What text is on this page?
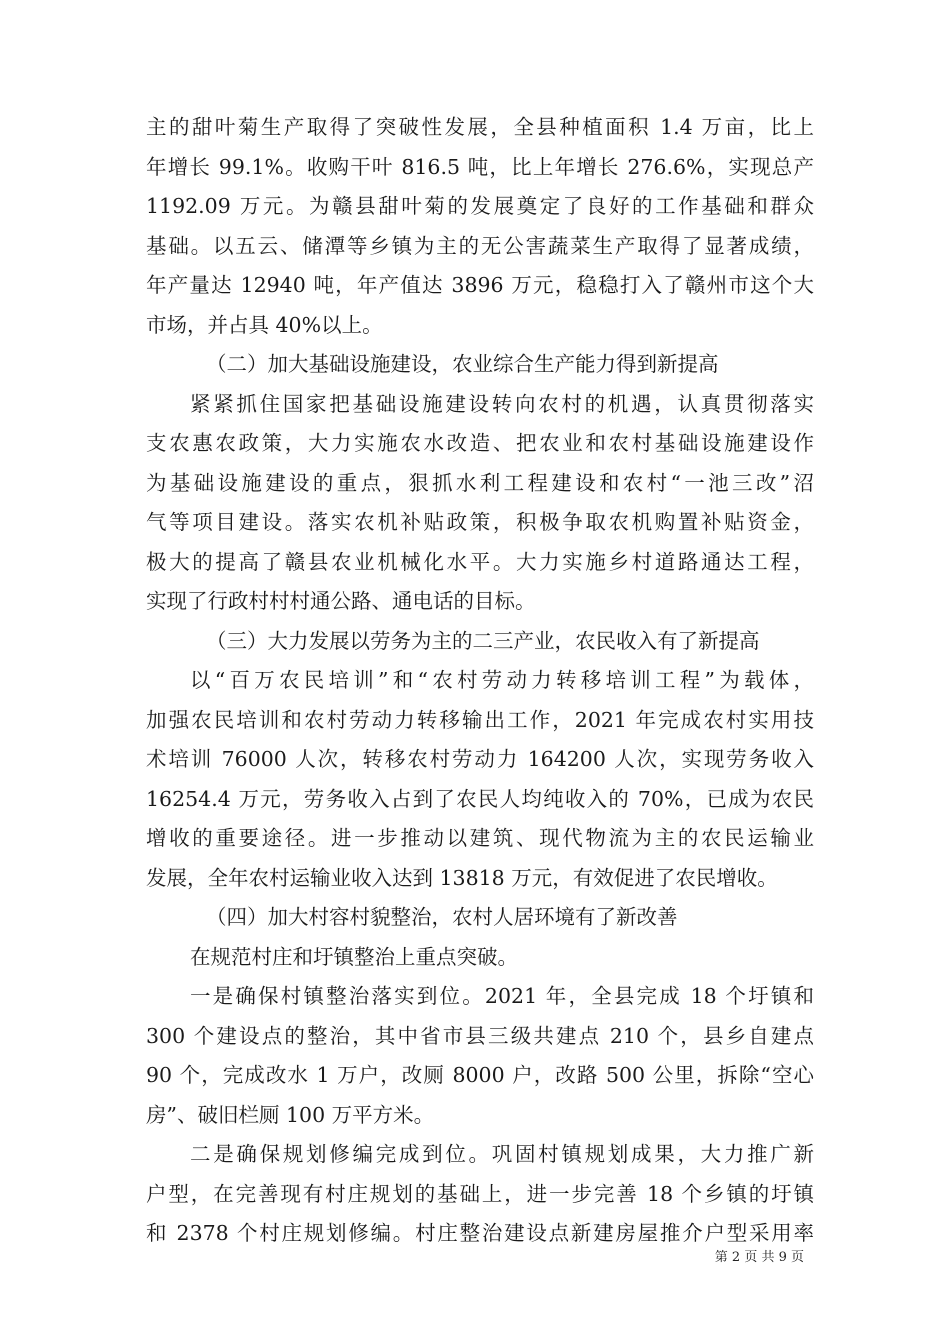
主的甜叶菊生产取得了突破性发展，全县种植面积 1.4 万亩，比上
年增长 99.1%。收购干叶 816.5 吨，比上年增长 276.6%，实现总产
1192.09 万元。为赣县甜叶菊的发展奠定了良好的工作基础和群众
基础。以五云、储潭等乡镇为主的无公害蔬菜生产取得了显著成绩，
年产量达 12940 吨，年产值达 3896 万元，稳稳打入了赣州市这个大
市场，并占具 40%以上。
（二）加大基础设施建设，农业综合生产能力得到新提高
紧紧抓住国家把基础设施建设转向农村的机遇，认真贯彻落实
支农惠农政策，大力实施农水改造、把农业和农村基础设施建设作
为基础设施建设的重点，狠抓水利工程建设和农村“一池三改”沼
气等项目建设。落实农机补贴政策，积极争取农机购置补贴资金，
极大的提高了赣县农业机械化水平。大力实施乡村道路通达工程，
实现了行政村村村通公路、通电话的目标。
（三）大力发展以劳务为主的二三产业，农民收入有了新提高
以“百万农民培训”和“农村劳动力转移培训工程”为载体，
加强农民培训和农村劳动力转移输出工作，2021 年完成农村实用技
术培训 76000 人次，转移农村劳动力 164200 人次，实现劳务收入
16254.4 万元，劳务收入占到了农民人均纯收入的 70%，已成为农民
增收的重要途径。进一步推动以建筑、现代物流为主的农民运输业
发展，全年农村运输业收入达到 13818 万元，有效促进了农民增收。
（四）加大村容村貌整治，农村人居环境有了新改善
在规范村庄和圩镇整治上重点突破。
一是确保村镇整治落实到位。2021 年，全县完成 18 个圩镇和
300 个建设点的整治，其中省市县三级共建点 210 个，县乡自建点
90 个，完成改水 1 万户，改厕 8000 户，改路 500 公里，拆除“空心
房”、破旧栏厕 100 万平方米。
二是确保规划修编完成到位。巩固村镇规划成果，大力推广新
户型，在完善现有村庄规划的基础上，进一步完善 18 个乡镇的圩镇
和 2378 个村庄规划修编。村庄整治建设点新建房屋推介户型采用率
第 2 页 共 9 页
